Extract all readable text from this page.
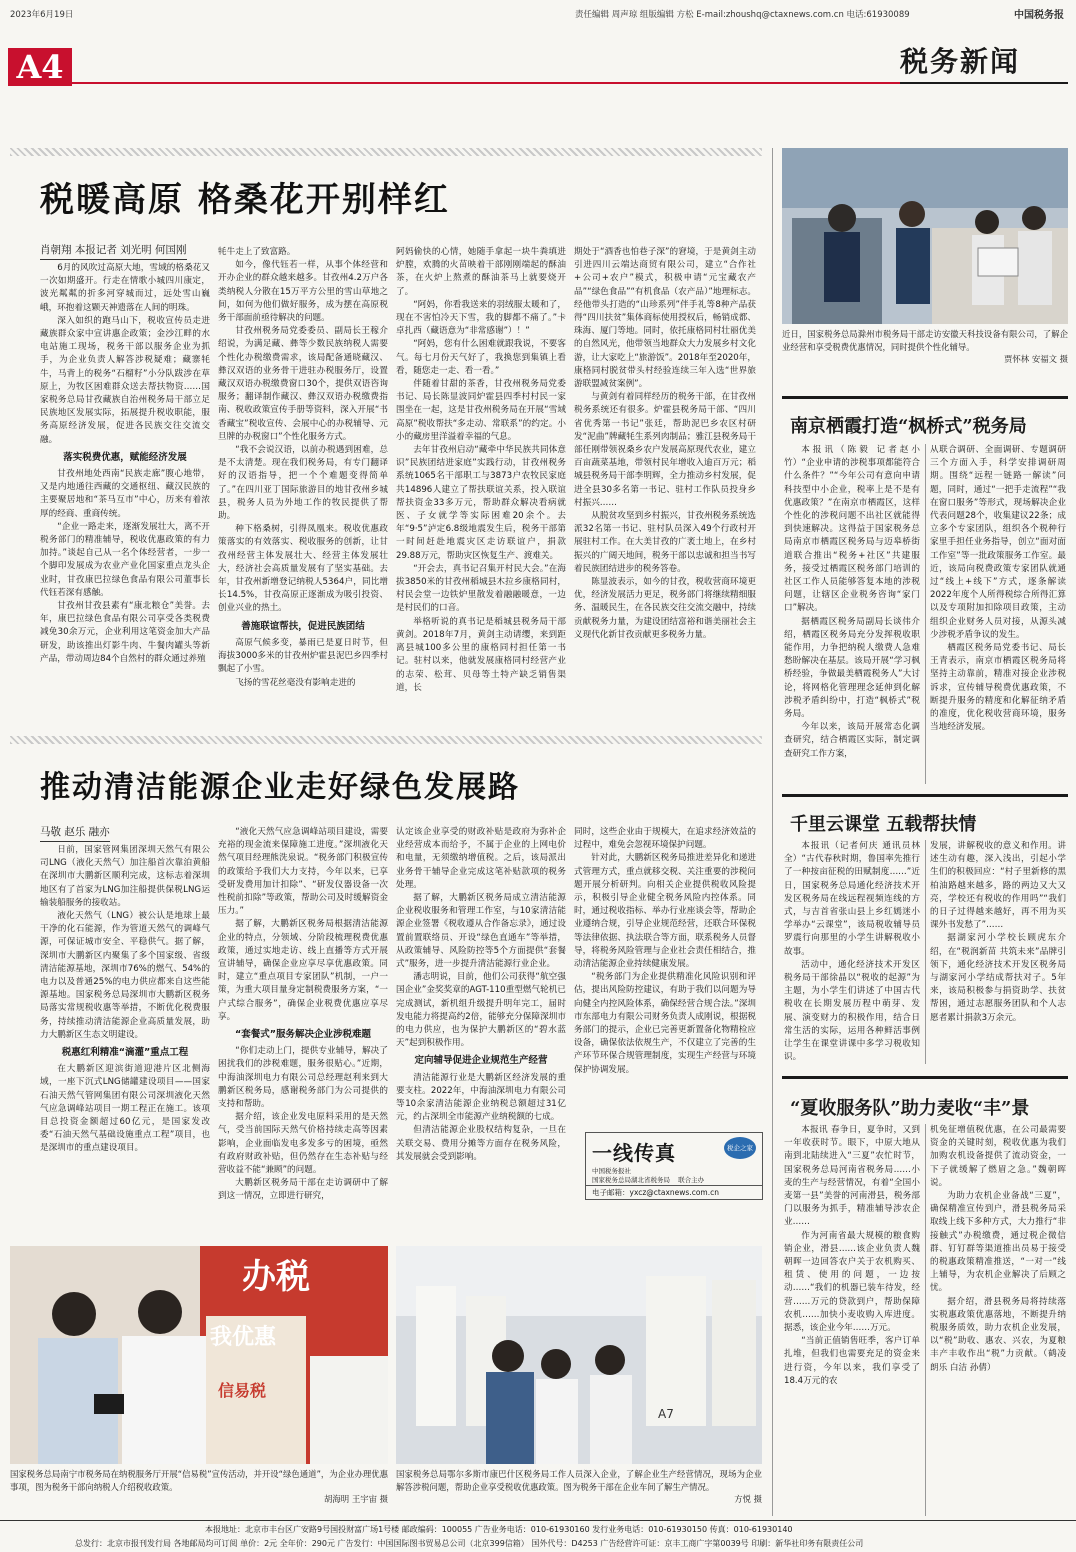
2023年6月19日	责任编辑 周声琼 组版编辑 方松 E-mail:zhoushq@ctaxnews.com.cn 电话:61930089	中国税务报
A4	税务新闻
税暖高原 格桑花开别样红
肖朝翔 本报记者 刘光明 何国刚

6月的风吹过高原大地，雪域的格桑花又一次如期盛开。行走在情歌小城四川康定，波光粼粼的折多河穿城而过，远处雪山巍峨，环抱着这颗天神遗落在人间的明珠。

深入如织的跑马山下，税收宣传员走进藏族群众家中宣讲惠企政策；金沙江畔的水电站施工现场，税务干部以服务企业为抓手，为企业负责人解答涉税疑难；藏寨牦牛，马背上的税务“石榴籽”小分队跋涉在草原上，为牧区困难群众送去帮扶物资……国家税务总局甘孜藏族自治州税务局干部立足民族地区发展实际，拓展提升税收职能，服务高原经济发展，促进各民族交往交流交融。

落实税费优惠，赋能经济发展

甘孜州地处西南“民族走廊”腹心地带，又是内地通往西藏的交通枢纽、藏汉民族的主要聚居地和“茶马互市”中心，历来有着浓厚的经商、重商传统。

“企业一路走来，逐渐发展壮大，离不开税务部门的精准辅导，税收优惠政策的有力加持。”谈起自己从一名个体经营者，一步一个脚印发展成为农业产业化国家重点龙头企业时，甘孜康巴拉绿色食品有限公司董事长代钰若深有感触。

甘孜州甘孜县素有“康北粮仓”美誉。去年，康巴拉绿色食品有限公司享受各类税费减免30余万元，企业利用这笔资金加大产品研发，助该推出灯影牛肉、牛餐肉罐头等新产品，带动周边84个自然村的群众通过养殖

牦牛走上了致富路。

如今，像代钰若一样，从事个体经营和开办企业的群众越来越多。甘孜州4.2万户各类纳税人分散在15万平方公里的雪山草地之间，如何为他们做好服务，成为摆在高原税务干部面前亟待解决的问题。

甘孜州税务局党委委员、副局长王稼介绍说，为满足藏、彝等少数民族纳税人需要个性化办税缴费需求，该局配备通晓藏汉、彝汉双语的业务骨干进驻办税服务厅，设置藏汉双语办税缴费窗口30个，提供双语咨询服务；翻译制作藏汉、彝汉双语办税缴费指南、税收政策宣传手册等资料，深入开展“书香藏宝”税收宣传、会展中心的办税辅导、元旦牌的办税窗口”个性化服务方式。

“我不会说汉语，以前办税遇到困难，总是不太清楚。现在我们税务局，有专门翻译好的汉语指导，把一个个难题变得简单了。”在四川亚丁国际旅游目的地甘孜州乡城县，税务人员为外地工作的牧民提供了帮助。

种下格桑树，引得凤凰来。税收优惠政策落实的有效落实、税收服务的创新，让甘孜州经营主体发展壮大、经营主体发展壮大，经济社会高质量发展有了坚实基础。去年，甘孜州新增登记纳税人5364户，同比增长14.5%，甘孜高原正逐渐成为吸引投资、创业兴业的热土。

善施联谊帮扶，促进民族团结

高原气候多变，暴雨已是夏日时节，但海拔3000多米的甘孜州炉霍县泥巴乡四季村飘起了小雪。

飞扬的雪花丝毫没有影响走进的

阿妈偷快的心情，她随手拿起一块牛粪填进炉膛，欢腾的火苗映着干部刚刚端起的酥油茶，在火炉上熬煮的酥油茶马上就要烧开了。

“阿妈，你看我送来的羽绒服太暖和了，现在不害怕冷天下雪，我的脚都不痛了。”卡卓扎西（藏语意为“非常感谢”）！”

“阿妈，您有什么困难就跟我说，不要客气。每七月份天气好了，我换您到集镇上看看，随您走一走、看一看。”

伴随着甘甜的茶香，甘孜州税务局党委书记、局长陈显波同炉霍县四季村村民一家围坐在一起，这是甘孜州税务局在开展“雪域高原”税收帮扶“多走动、常联系”的约定。小小的藏房里洋溢着幸福的气息。

去年甘孜州启动“藏牵中华民族共同体意识”民族团结进家庭”实践行动，甘孜州税务系统1065名干部职工与3873户农牧民家庭共14896人建立了帮扶联谊关系，投入联谊帮扶资金33多万元，帮助群众解决看病就医、子女就学等实际困难20余个。去年“9·5”泸定6.8级地震发生后，税务干部第一时间赶赴地震灾区走访联谊户，捐款29.88万元，帮助灾区恢复生产、渡难关。

“开会去，真书记召集开村民大会。”在海拔3850米的甘孜州稻城县木拉乡康格同村，村民会堂一边铁炉里散发着融融暖意，一边是村民们的口音。

举格听说的真书记是稻城县税务局干部黄剑。2018年7月，黄剑主动请缨，来到距离县城100多公里的康格同村担任第一书记。驻村以来，他就发展康格同村经营产业的志荣、松茸、贝母等土特产缺乏销售渠道，长

期处于“酒香也怕巷子深”的窘境，于是黄剑主动引进四川云端达商贸有限公司，建立“合作社+公司+农户”模式，积极申请“元宝藏农产品”“绿色食品”“有机食品（农产品）”地理标志。经他带头打造的“山珍系列”伴手礼等8种产品获得“四川扶贫”集体商标使用授权后，畅销成都、珠海、厦门等地。同时，依托康格同村壮丽优美的自然风光，他带领当地群众大力发展乡村文化游，让大家吃上“旅游饭”。2018年至2020年，康格同村脱贫带头村经验连续三年入选“世界旅游联盟减贫案例”。

与黄剑有着同样经历的税务干部，在甘孜州税务系统还有很多。炉霍县税务局干部、“四川省优秀第一书记”张廷，帮助泥巴乡农区村研发“泥曲”牌藏牦生系列肉制品；雅江县税务局干部任刚带领祝桑乡农户发展高原现代农业，建立百亩蔬菜基地，带领村民年增收入逾百万元；稻城县税务局干部李明辉，全力推动乡村发展，促进全县30多名第一书记、驻村工作队员投身乡村振兴……

从脱贫攻坚到乡村振兴，甘孜州税务系统选派32名第一书记、驻村队员深入49个行政村开展驻村工作。在大美甘孜的广袤土地上，在乡村振兴的广阔天地间，税务干部以忠诚和担当书写着民族团结进步的税务答卷。

陈显波表示，如今的甘孜，税收营商环境更优，经济发展活力更足，税务部门将继续精细服务、温暖民生，在各民族交往交流交融中，持续贡献税务力量，为建设团结富裕和谐美丽社会主义现代化新甘孜贡献更多税务力量。

近日，国家税务总局滁州市税务局干部走访安徽天科技设备有限公司，了解企业经营和享受税费优惠情况，同时提供个性化辅导。
贾怀林 安福文 摄
南京栖霞打造“枫桥式”税务局

本报讯（陈毅 记者赵小竹）“企业申请的涉税事项都能符合什么条件？”“今年公司有意向申请科技型中小企业，税率上是不是有优惠政策？”在南京市栖霞区，这样个性化的涉税问题不出社区就能得到快速解决。这得益于国家税务总局南京市栖霞区税务局与迈皋桥街道联合推出“税务+社区”共建服务，接受过栖霞区税务部门培训的社区工作人员能够答复本地的涉税问题，让辖区企业税务咨询“家门口”解决。

据栖霞区税务局副局长谈伟介绍，栖霞区税务局充分发挥税收职能作用，力争把纳税人缴费人急难愁盼解决在基层。该局开展“学习枫桥经验，争做最美栖霞税务人”大讨论，将网格化管理理念延伸到化解涉税矛盾纠纷中，打造“枫桥式”税务局。

今年以来，该局开展常态化调查研究，结合栖霞区实际，制定调查研究工作方案，

从联合调研、全面调研、专题调研三个方面入手，科学安排调研周期。围绕“远程一链路一解读”问题，同时，通过“一把手走流程”“我在窗口服务”等形式，现场解决企业代表问题28个，收集建议22条；成立多个专家团队，组织各个税种行家里手担任业务指导，创立“面对面工作室”等一批政策服务工作室。最近，该局向税费政策专家团队就通过“线上+线下”方式，逐条解读2022年度个人所得税综合所得汇算以及专项附加扣除项目政策，主动组织企业财务人员对接，从源头减少涉税矛盾争议的发生。

栖霞区税务局党委书记、局长王青表示，南京市栖霞区税务局将坚持主动靠前，精准对接企业涉税诉求，宣传辅导税费优惠政策，不断提升服务的精度和化解征纳矛盾的准度，优化税收营商环境，服务当地经济发展。

千里云课堂 五载帮扶情

本报讯（记者何庆 通讯员林全）“古代春秋时期，鲁国率先推行了一种按亩征税的田赋制度……”近日，国家税务总局通化经济技术开发区税务局在线远程视频连线的方式，与吉首省张山县上乡红嫣迷小学举办“云课堂”，该局税收辅导员罗震行向那里的小学生讲解税收小故事。

活动中，通化经济技术开发区税务局干部徐晶以“税收的起源”为主题，为小学生们讲述了中国古代税收在长期发展历程中萌芽、发展、演变财力的积极作用，结合日常生活的实际，运用各种鲜活事例让学生在课堂讲课中多学习税收知识。

发展，讲解税收的意义和作用。讲述生动有趣，深入浅出，引起小学生们的积极回应：“村子里新修的黑柏油路越来越多，路的两边又大又亮，学校还有税收的作用吗”“我们的日子过得越来越好，再不用为买课外书发愁了”……

据湖家河小学校长顾虎东介绍，在“税润新苗 共筑未来”品牌引领下，通化经济技术开发区税务局与湖家河小学结成帮扶对子。5年来，该局积极参与捐资助学、扶贫帮困，通过志愿服务团队和个人志愿者累计捐款3万余元。

“夏收服务队”助力麦收“丰”景

本报讯 春争日，夏争时，又到一年收获时节。眼下，中原大地从南到北陆续进入“三夏”农忙时节，国家税务总局河南省税务局……小麦的生产与经营情况，有着“全国小麦第一县”美誉的河南滑县，税务部门以服务为抓手，精准辅导涉农企业……

作为河南省最大规模的粮食购销企业，滑县……该企业负责人魏朝晖一边回答农户关于农机购买、租赁、使用的问题，一边按动……“我们的机器已装车待发，经营……万元的贷款到户，帮助保障农机……加快小麦收购入库进度。据悉，该企业今年……万元。

“当前正值销售旺季，客户订单扎堆，但我们也需要充足的资金来进行资，今年以来，我们享受了18.4万元的农

机免征增值税优惠，在公司最需要资金的关键时刻，税收优惠为我们加购农机设备提供了流动资金，一下子就缓解了燃眉之急。”魏朝晖说。

为助力农机企业备战“三夏”，确保精准宣传到户，滑县税务局采取线上线下多种方式，大力推行“非接触式”办税缴费，通过税企微信群、钉钉群等渠道推出员易于接受的税惠政策精准推送，“一对一”线上辅导，为农机企业解决了后顾之忧。

据介绍，滑县税务局将持续落实税惠政策优惠落地，不断提升纳税服务质效，助力农机企业发展，以“税”助收、惠农、兴农，为夏粮丰产丰收作出“税”力贡献。（鹤凌 朗乐 白洁 孙倩）

推动清洁能源企业走好绿色发展路
马敬 赵乐 融亦

日前，国家管网集团深圳天然气有限公司LNG（液化天然气）加注船首次靠泊黄船在深圳市大鹏新区顺利完成，这标志着深圳地区有了首家为LNG加注船提供保税LNG运输装船服务的接收站。

液化天然气（LNG）被公认是地球上最干净的化石能源，作为管道天然气的调峰气源，可保证城市安全、平稳供气。据了解，深圳市大鹏新区内聚集了多个国家级、省级清洁能源基地，深圳市76%的燃气、54%的电力以及普通25%的电力供应都来自这些能源基地。国家税务总局深圳市大鹏新区税务局落实常规税收惠等举措，不断优化税费服务，持续推动清洁能源企业高质量发展，助力大鹏新区生态文明建设。

税惠红利精准“滴灌”重点工程

在大鹏新区迎滨街道迎港片区北侧海域，一座下沉式LNG储罐建设项目——国家石油天然气管网集团有限公司深圳液化天然气应急调峰站项目一期工程正在施工。该项目总投资金额超过60亿元，是国家发改委“石油天然气基础设施重点工程”项目，也是深圳市的重点建设项目。

“液化天然气应急调峰站项目建设，需要充裕的现金流来保障施工进度。”深圳液化天然气项目经理熊洗泉说。“税务部门积极宣传的政策给予我们大力支持，今年以来，已享受研发费用加计扣除”、“研发仪器设备一次性税前扣除”等政策，帮助公司及时缓解资金压力。”

据了解，大鹏新区税务局根据清洁能源企业的特点，分领域、分阶段梳理税费优惠政策，通过实地走访、线上直播等方式开展宣讲辅导，确保企业应享尽享优惠政策。同时，建立“重点项目专家团队”机制，一户一策，为重大项目量身定制税费服务方案，“一户式综合服务”，确保企业税费优惠应享尽享。

“套餐式”服务解决企业涉税难题

“你们走动上门，提供专业辅导，解决了困扰我们的涉税难题，服务很贴心。”近期，中海油深圳电力有限公司总经理赵利来到大鹏新区税务局，感谢税务部门为公司提供的支持和帮助。

据介绍，该企业发电原料采用的是天然气，受当前国际天然气价格持续走高等因素影响，企业面临发电多发多亏的困境，亟然有政府财政补贴，但仍然存在生态补贴与经营收益不能“兼顾”的问题。

大鹏新区税务局干部在走访调研中了解到这一情况，立即进行研究，

认定该企业享受的财政补贴是政府为弥补企业经营成本而给予，不属于企业的上网电价和电量，无须缴纳增值税。之后，该局派出业务骨干辅导企业完成这笔补贴款项的税务处理。

据了解，大鹏新区税务局成立清洁能源企业税收服务和管理工作室，与10家清洁能源企业签署《税收遵从合作备忘录》，通过设置前置联络员、开设“绿色直通车”等举措，从政策辅导、风险防控等5个方面提供“套餐式”服务，进一步提升清洁能源行业企业。

潘志明说，目前，他们公司获得“航空强国企业”金奖奖章的AGT-110重型燃气轮机已完成测试，新机组升级提升明年完工，届时发电能力将提高约2倍，能够充分保障深圳市的电力供应，也为保护大鹏新区的“碧水蓝天”起到积极作用。

定向辅导促进企业规范生产经营

清洁能源行业是大鹏新区经济发展的重要支柱。2022年，中海油深圳电力有限公司等10余家清洁能源企业纳税总额超过31亿元，约占深圳全市能源产业纳税额的七成。

但清洁能源企业股权结构复杂，一旦在关联交易、费用分摊等方面存在税务风险，其发展就会受到影响。

同时，这些企业由于规模大，在追求经济效益的过程中，难免会忽视环境保护问题。

针对此，大鹏新区税务局推进差异化和递进式管理方式，重点就移交税、关注重要的涉税问题开展分析研判。向相关企业提供税收风险提示，积极引导企业健全税务风险内控体系。同时，通过税收指标、举办行业座谈会等，帮助企业遵纳合规，引导企业规范经营，还联合环保税等法律依据、执法联合等方面，联系税务人员督导，将税务风险管理与企业社会责任相结合，推动清洁能源企业持续健康发展。

“税务部门为企业提供精准化风险识别和评估，提出风险防控建议，有助于我们以问题为导向健全内控风险体系，确保经营合规合法。”深圳市东部电力有限公司财务负责人成刚说，根据税务部门的提示，企业已完善更新置备化物精检应设备，确保依法依规生产，不仅建立了完善的生产环节环保合规管理制度，实现生产经营与环境保护协调发展。

一线传真	税企之家
中国税务报社
国家税务总局湖北省税务局 联合主办
电子邮箱：yxcz@ctaxnews.com.cn
办税
我优惠
信易税
国家税务总局南宁市税务局在纳税服务厅开展“信易税”宣传活动，并开设“绿色通道”，为企业办理优惠事项，图为税务干部向纳税人介绍税收政策。
胡海明 王宇宙 摄
A7
国家税务总局鄂尔多斯市康巴什区税务局工作人员深入企业，了解企业生产经营情况，现场为企业解答涉税问题，帮助企业享受税收优惠政策。图为税务干部在企业车间了解生产情况。
方悦 摄
本报地址：北京市丰台区广安路9号国投财富广场1号楼 邮政编码：100055 广告业务电话：010-61930160 发行业务电话：010-61930150 传真：010-61930140
总发行：北京市报刊发行局 各地邮局均可订阅 单价：2元 全年价：290元 广告发行：中国国际图书贸易总公司（北京399信箱） 国外代号：D4253 广告经营许可证：京丰工商广字第0039号 印刷：新华社印务有限责任公司
